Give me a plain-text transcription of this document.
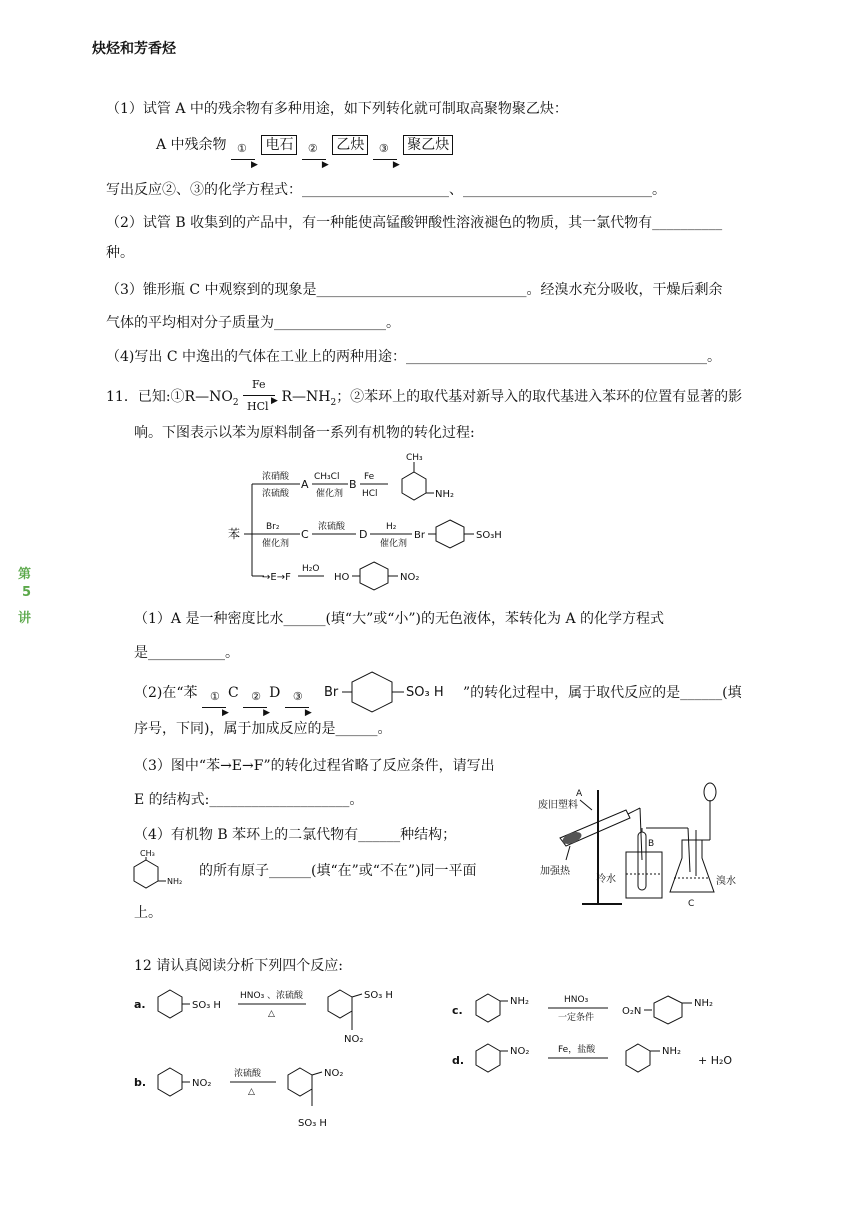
炔烃和芳香烃
第
5
讲
（1）试管 A 中的残余物有多种用途，如下列转化就可制取高聚物聚乙炔：
A 中残余物 ①
▶
电石 ②
▶
乙炔 ③
▶
聚乙炔
写出反应②、③的化学方程式：_____________________、___________________________。
（2）试管 B 收集到的产品中，有一种能使高锰酸钾酸性溶液褪色的物质，其一氯代物有__________
种。
（3）锥形瓶 C 中观察到的现象是______________________________。经溴水充分吸收，干燥后剩余
气体的平均相对分子质量为________________。
（4)写出 C 中逸出的气体在工业上的两种用途：___________________________________________。
11．已知$:①R—NO_2$
Fe
▶
HCl
$R—NH_2$；②苯环上的取代基对新导入的取代基进入苯环的位置有显著的影
响。下图表示以苯为原料制备一系列有机物的转化过程:
苯
浓硝酸
浓硫酸
A
CH₃Cl
催化剂
B
Fe
HCl
CH₃
NH₂
Br₂
催化剂
C
浓硫酸
D
H₂
催化剂
Br	SO₃H
→E→F
H₂O
HO	NO₂
（1）A 是一种密度比水______(填“大”或“小”)的无色液体，苯转化为 A 的化学方程式
是___________。
（2)在“苯 ①
▶
C ②
▶
D ③
▶
Br	SO₃ H ”的转化过程中，属于取代反应的是______(填
序号，下同)，属于加成反应的是______。
（3）图中“苯→E→F”的转化过程省略了反应条件，请写出
E 的结构式:____________________。
（4）有机物 B 苯环上的二氯代物有______种结构；
CH₃
NH₂
的所有原子______(填“在”或“不在”)同一平面
上。
废旧塑料
A
加强热
B
冷水	溴水
C
12 请认真阅读分析下列四个反应:
a.	SO₃ H
HNO₃ 、浓硫酸
△
SO₃ H
NO₂
b.	NO₂
浓硫酸
△
NO₂
SO₃ H
c.
NH₂	HNO₃
一定条件
O₂N
NH₂
d.
NO₂	Fe，盐酸	NH₂
+ H₂O
